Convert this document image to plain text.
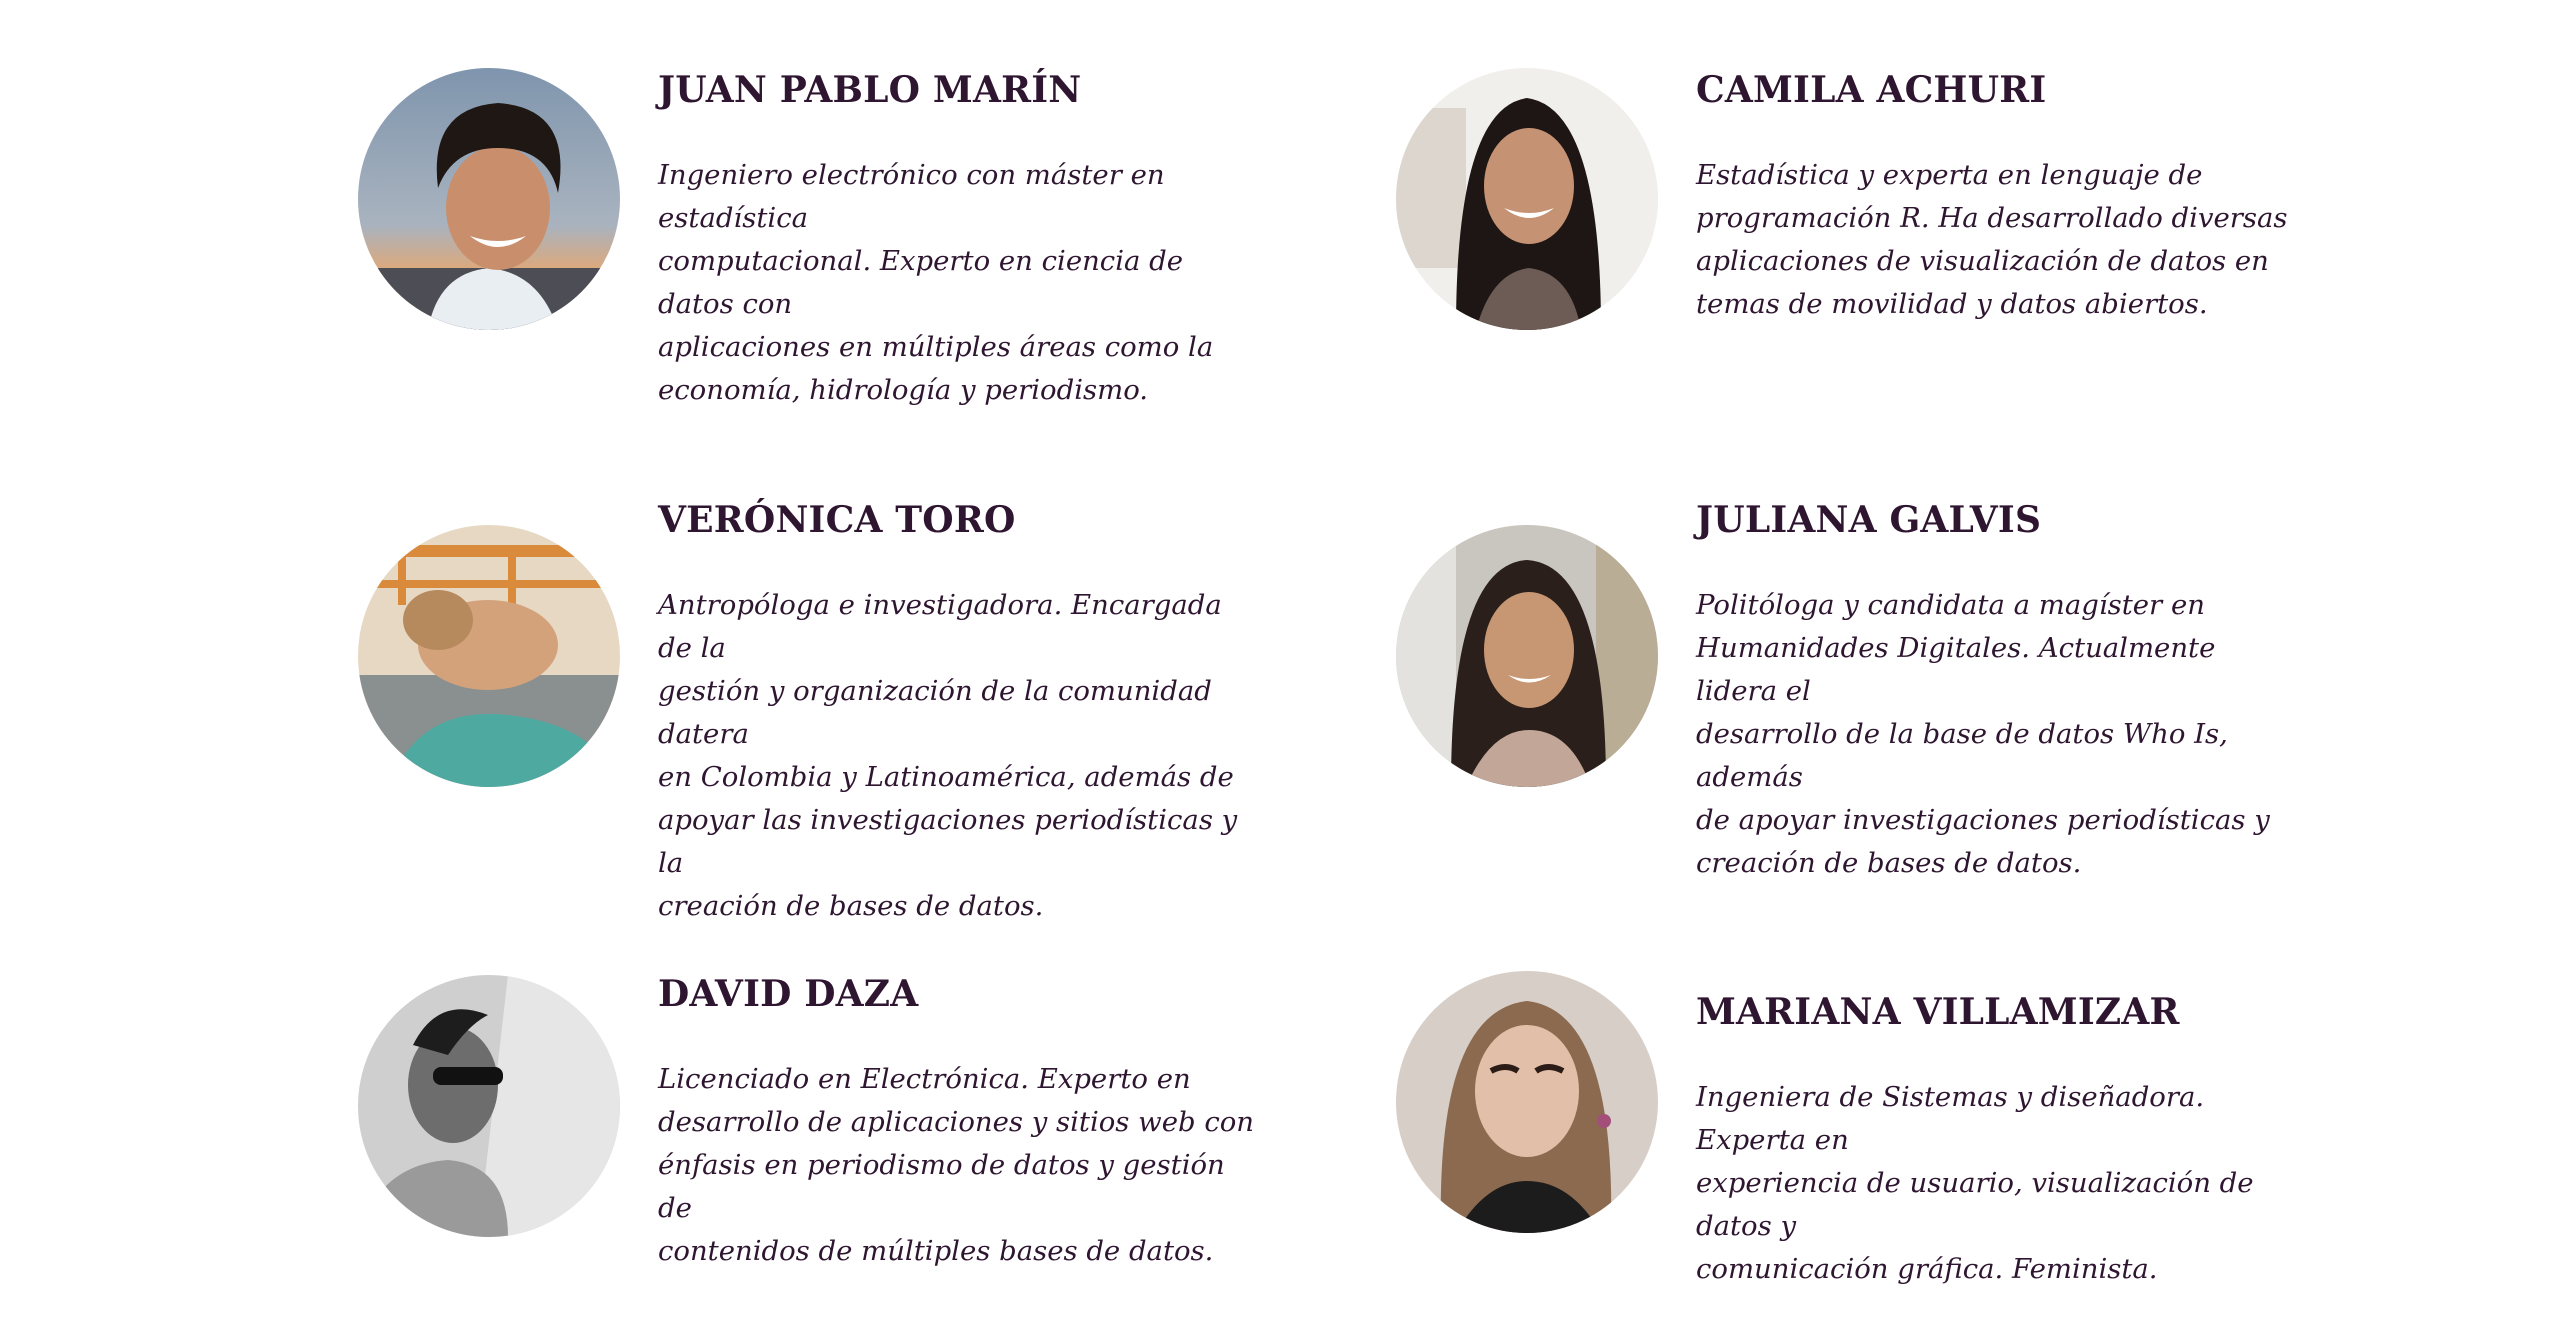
JUAN PABLO MARÍN

Ingeniero electrónico con máster en estadística
computacional. Experto en ciencia de datos con
aplicaciones en múltiples áreas como la
economía, hidrología y periodismo.

CAMILA ACHURI

Estadística y experta en lenguaje de
programación R. Ha desarrollado diversas
aplicaciones de visualización de datos en
temas de movilidad y datos abiertos.

VERÓNICA TORO

Antropóloga e investigadora. Encargada de la
gestión y organización de la comunidad datera
en Colombia y Latinoamérica, además de
apoyar las investigaciones periodísticas y la
creación de bases de datos.

JULIANA GALVIS

Politóloga y candidata a magíster en
Humanidades Digitales. Actualmente lidera el
desarrollo de la base de datos Who Is, además
de apoyar investigaciones periodísticas y
creación de bases de datos.

DAVID DAZA

Licenciado en Electrónica. Experto en
desarrollo de aplicaciones y sitios web con
énfasis en periodismo de datos y gestión de
contenidos de múltiples bases de datos.

MARIANA VILLAMIZAR

Ingeniera de Sistemas y diseñadora. Experta en
experiencia de usuario, visualización de datos y
comunicación gráfica. Feminista.
